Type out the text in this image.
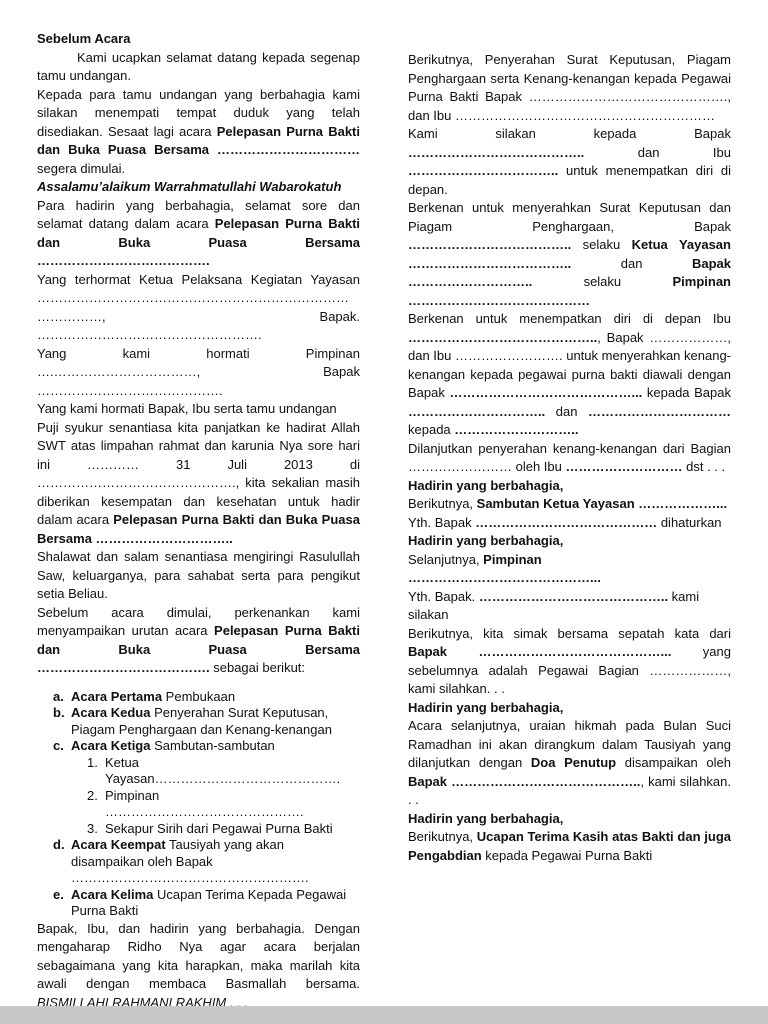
Sebelum Acara

Kami ucapkan selamat datang kepada segenap tamu undangan.

Kepada para tamu undangan yang berbahagia kami silakan menempati tempat duduk yang telah disediakan. Sesaat lagi acara Pelepasan Purna Bakti dan Buka Puasa Bersama …………………………… segera dimulai.

Assalamu’alaikum Warrahmatullahi Wabarokatuh

Para hadirin yang berbahagia, selamat sore dan selamat datang dalam acara Pelepasan Purna Bakti dan Buka Puasa Bersama ………………………………….

Yang terhormat Ketua Pelaksana Kegiatan Yayasan ……………………………………………………………………………, Bapak. …………………………………………….

Yang kami hormati Pimpinan ….……………………………, Bapak …………………………………….

Yang kami hormati Bapak, Ibu serta tamu undangan

Puji syukur senantiasa kita panjatkan ke hadirat Allah SWT atas limpahan rahmat dan karunia Nya sore hari ini ………… 31 Juli 2013 di ………………………………………., kita sekalian masih diberikan kesempatan dan kesehatan untuk hadir dalam acara Pelepasan Purna Bakti dan Buka Puasa Bersama …………………………..

Shalawat dan salam senantiasa mengiringi Rasulullah Saw, keluarganya, para sahabat serta para pengikut setia Beliau.

Sebelum acara dimulai, perkenankan kami menyampaikan urutan acara Pelepasan Purna Bakti dan Buka Puasa Bersama …………………………………. sebagai berikut:

a. Acara Pertama Pembukaan
b. Acara Kedua Penyerahan Surat Keputusan, Piagam Penghargaan dan Kenang-kenangan
c. Acara Ketiga Sambutan-sambutan
1. Ketua Yayasan…………………………………….
2. Pimpinan ……………………………………….
3. Sekapur Sirih dari Pegawai Purna Bakti
d. Acara Keempat Tausiyah yang akan disampaikan oleh Bapak ……………………………………………….
e. Acara Kelima Ucapan Terima Kepada Pegawai Purna Bakti

Bapak, Ibu, dan hadirin yang berbahagia. Dengan mengaharap Ridho Nya agar acara berjalan sebagaimana yang kita harapkan, maka marilah kita awali dengan membaca Basmallah bersama. BISMILLAHI RAHMANI RAKHIM . . .

Berikutnya, Penyerahan Surat Keputusan, Piagam Penghargaan serta Kenang-kenangan kepada Pegawai Purna Bakti Bapak ………………………………………., dan Ibu ……………………………………………………

Kami silakan kepada Bapak ………………………………….. dan Ibu …………………………….. untuk menempatkan diri di depan.

Berkenan untuk menyerahkan Surat Keputusan dan Piagam Penghargaan, Bapak ……………………………….. selaku Ketua Yayasan ……………………………….. dan Bapak ……………………….. selaku Pimpinan ……………………………………

Berkenan untuk menempatkan diri di depan Ibu …………………………………….., Bapak ………………, dan Ibu ……………………. untuk menyerahkan kenang-kenangan kepada pegawai purna bakti diawali dengan Bapak ……………………………………... kepada Bapak ………………………….. dan …………………………… kepada ………………………..

Dilanjutkan penyerahan kenang-kenangan dari Bagian …………………… oleh Ibu ……………………… dst . . .

Hadirin yang berbahagia,

Berikutnya, Sambutan Ketua Yayasan ………………...

Yth. Bapak …………………………………… dihaturkan

Hadirin yang berbahagia,

Selanjutnya, Pimpinan ……………………………………...

Yth. Bapak. …………………………………….. kami silakan

Berikutnya, kita simak bersama sepatah kata dari Bapak ……………………………………... yang sebelumnya adalah Pegawai Bagian ………………, kami silahkan. . .

Hadirin yang berbahagia,

Acara selanjutnya, uraian hikmah pada Bulan Suci Ramadhan ini akan dirangkum dalam Tausiyah yang dilanjutkan dengan Doa Penutup disampaikan oleh Bapak …………………………………….., kami silahkan. . .

Hadirin yang berbahagia,

Berikutnya, Ucapan Terima Kasih atas Bakti dan juga Pengabdian kepada Pegawai Purna Bakti
